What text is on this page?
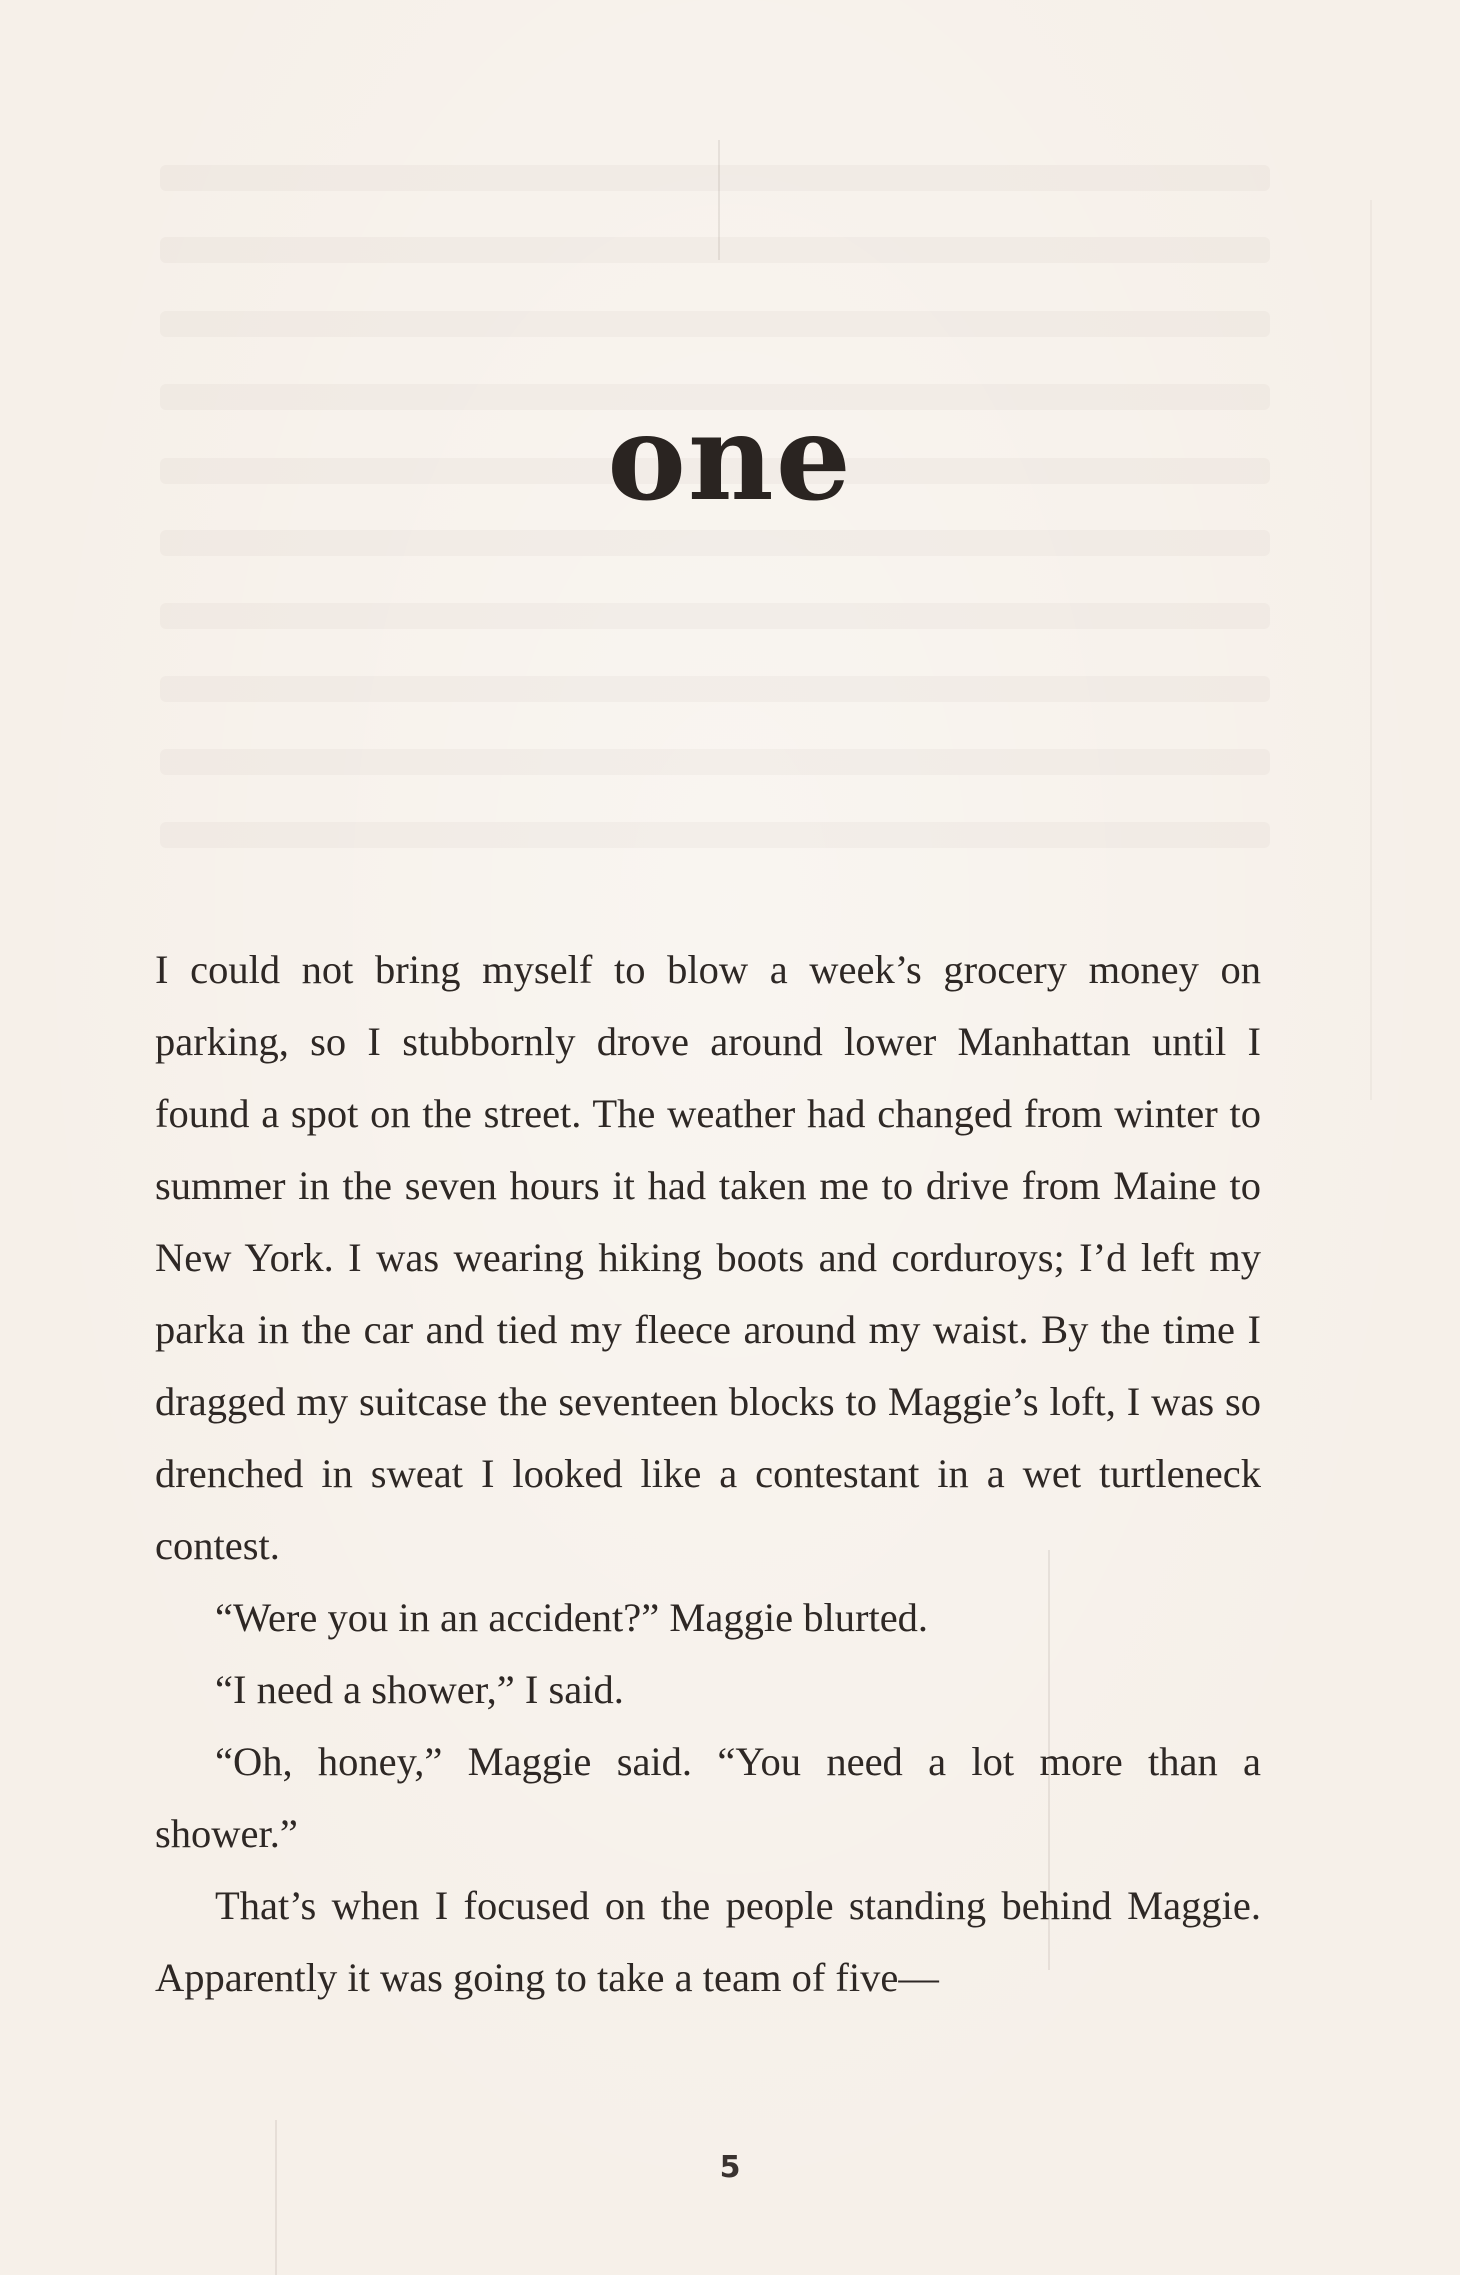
one

I could not bring myself to blow a week’s grocery money on parking, so I stubbornly drove around lower Manhattan until I found a spot on the street. The weather had changed from winter to summer in the seven hours it had taken me to drive from Maine to New York. I was wearing hiking boots and corduroys; I’d left my parka in the car and tied my fleece around my waist. By the time I dragged my suitcase the seventeen blocks to Maggie’s loft, I was so drenched in sweat I looked like a contestant in a wet turtleneck contest.

“Were you in an accident?” Maggie blurted.

“I need a shower,” I said.

“Oh, honey,” Maggie said. “You need a lot more than a shower.”

That’s when I focused on the people standing behind Maggie. Apparently it was going to take a team of five—

5
